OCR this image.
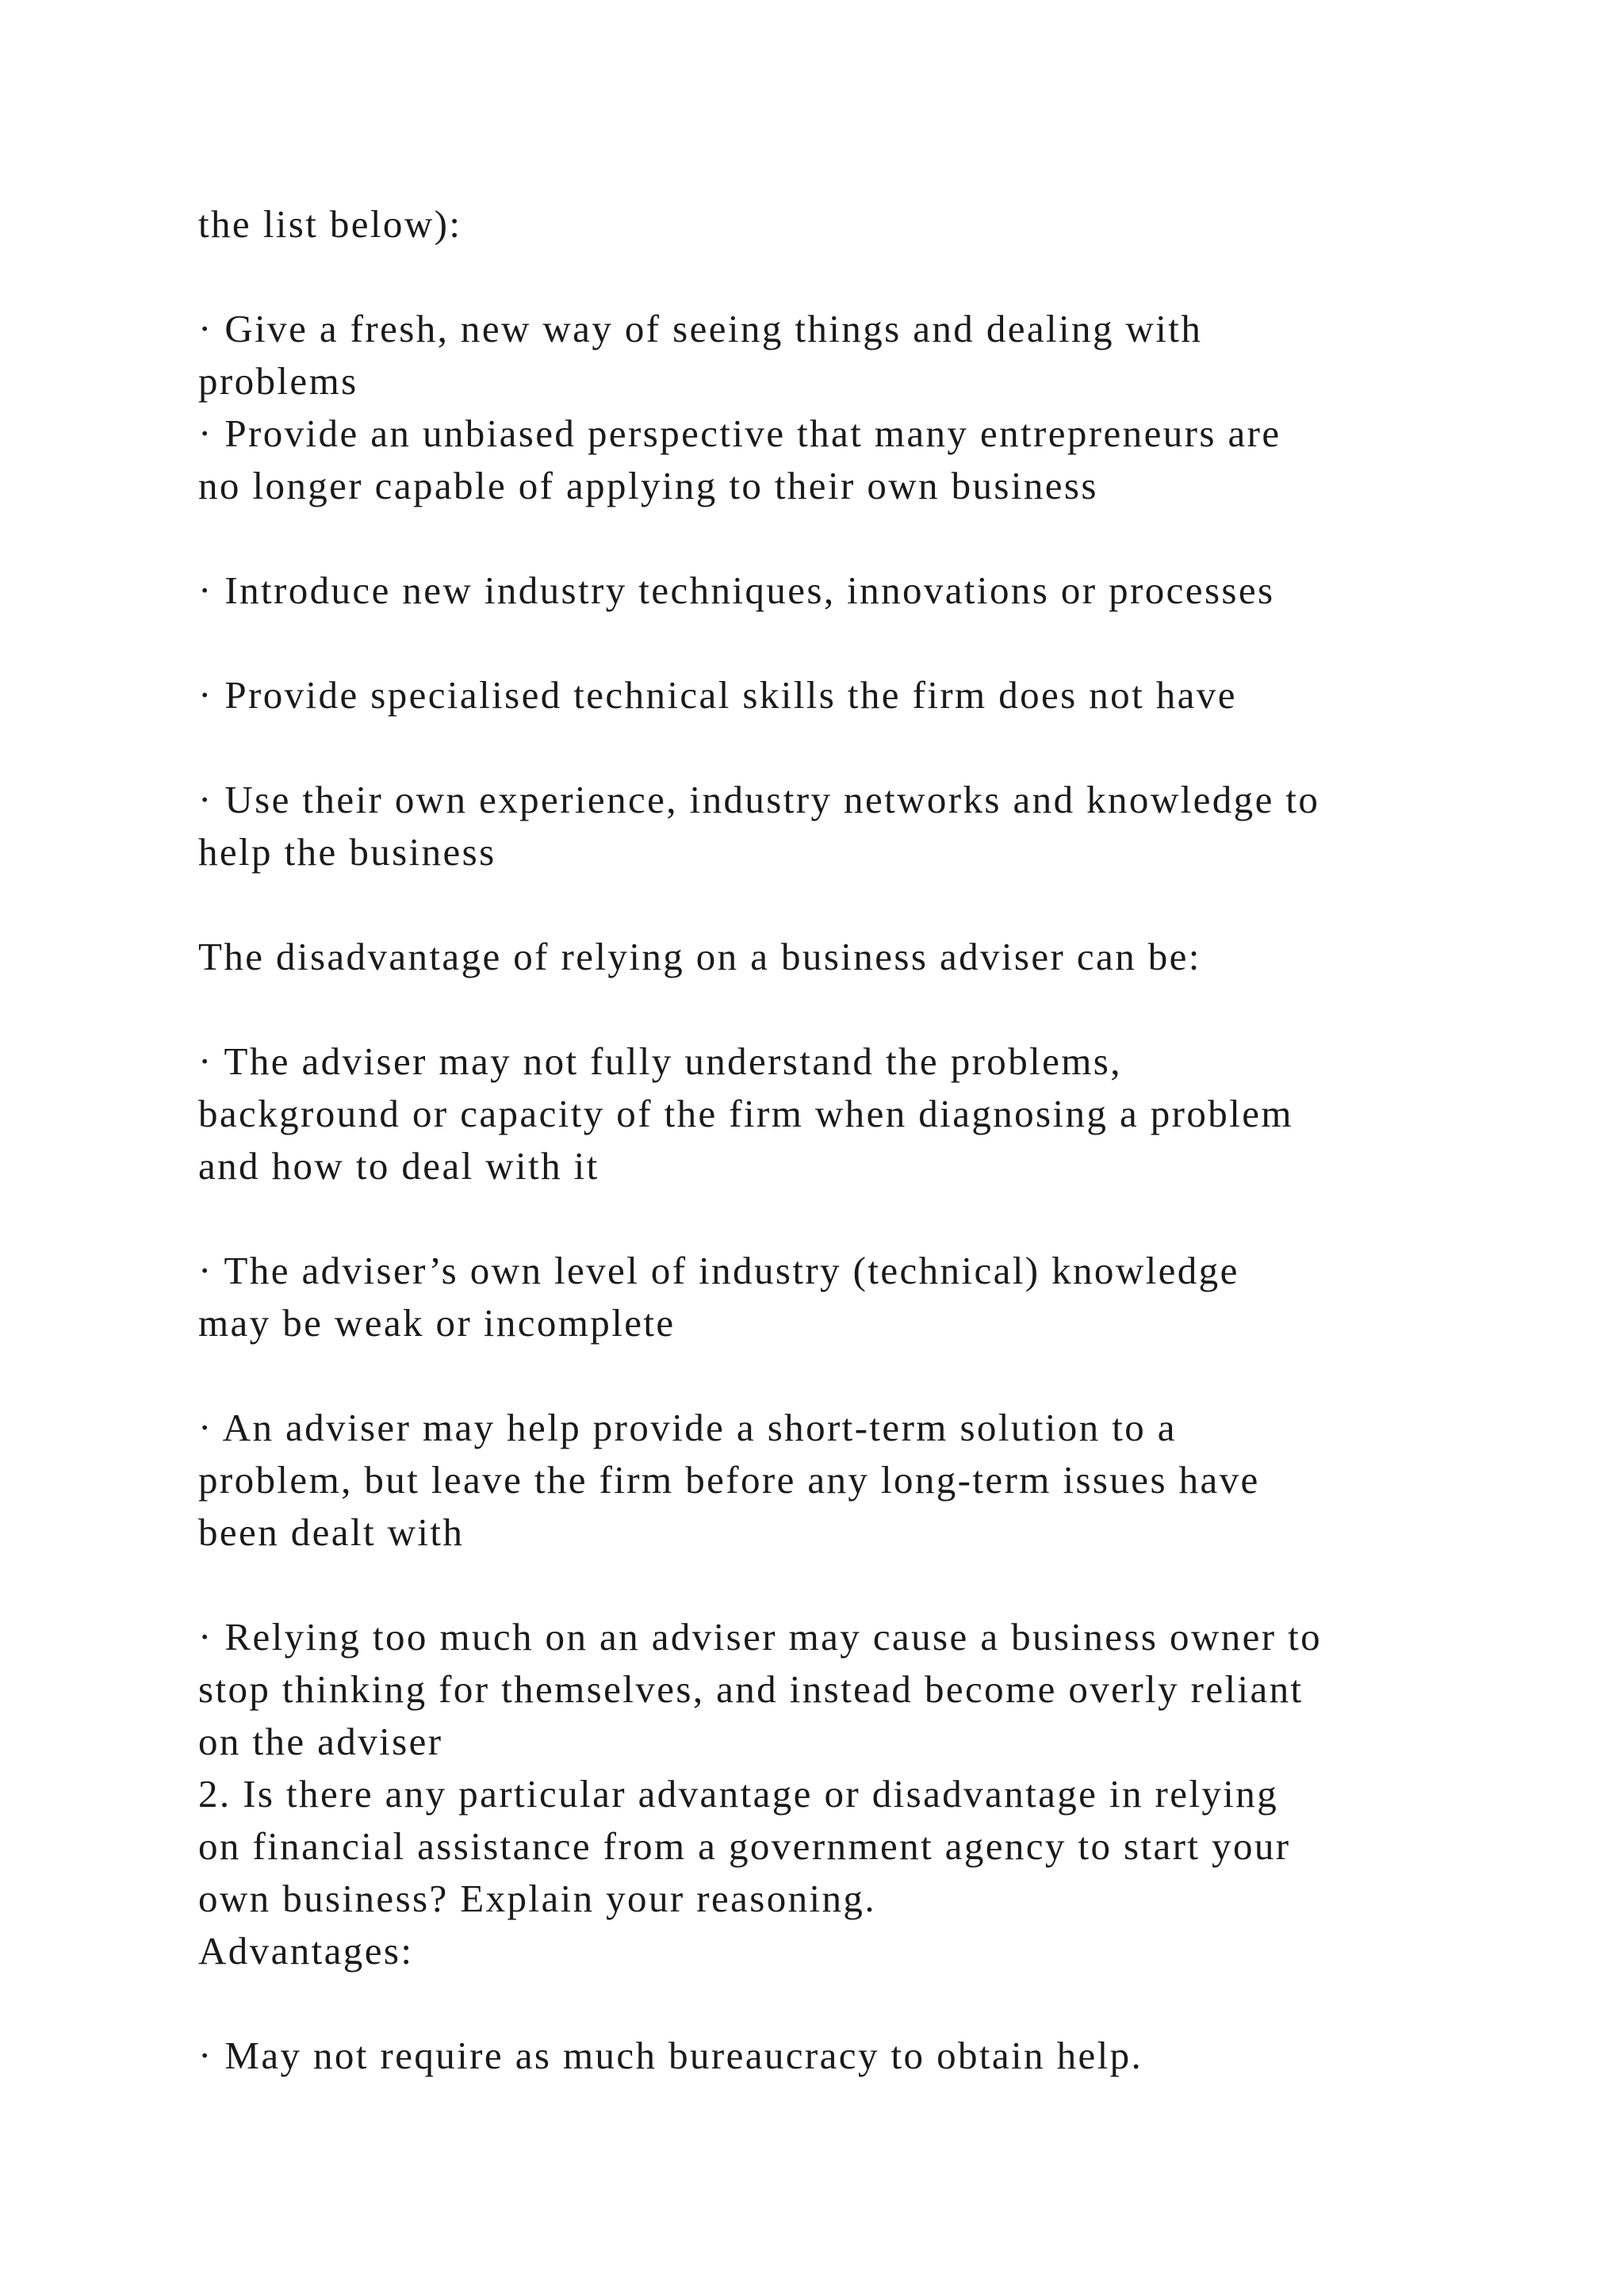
the list below):
· Give a fresh, new way of seeing things and dealing with
problems
· Provide an unbiased perspective that many entrepreneurs are
no longer capable of applying to their own business
· Introduce new industry techniques, innovations or processes
· Provide specialised technical skills the firm does not have
· Use their own experience, industry networks and knowledge to
help the business
The disadvantage of relying on a business adviser can be:
· The adviser may not fully understand the problems,
background or capacity of the firm when diagnosing a problem
and how to deal with it
· The adviser’s own level of industry (technical) knowledge
may be weak or incomplete
· An adviser may help provide a short-term solution to a
problem, but leave the firm before any long-term issues have
been dealt with
· Relying too much on an adviser may cause a business owner to
stop thinking for themselves, and instead become overly reliant
on the adviser
2. Is there any particular advantage or disadvantage in relying
on financial assistance from a government agency to start your
own business? Explain your reasoning.
Advantages:
· May not require as much bureaucracy to obtain help.
